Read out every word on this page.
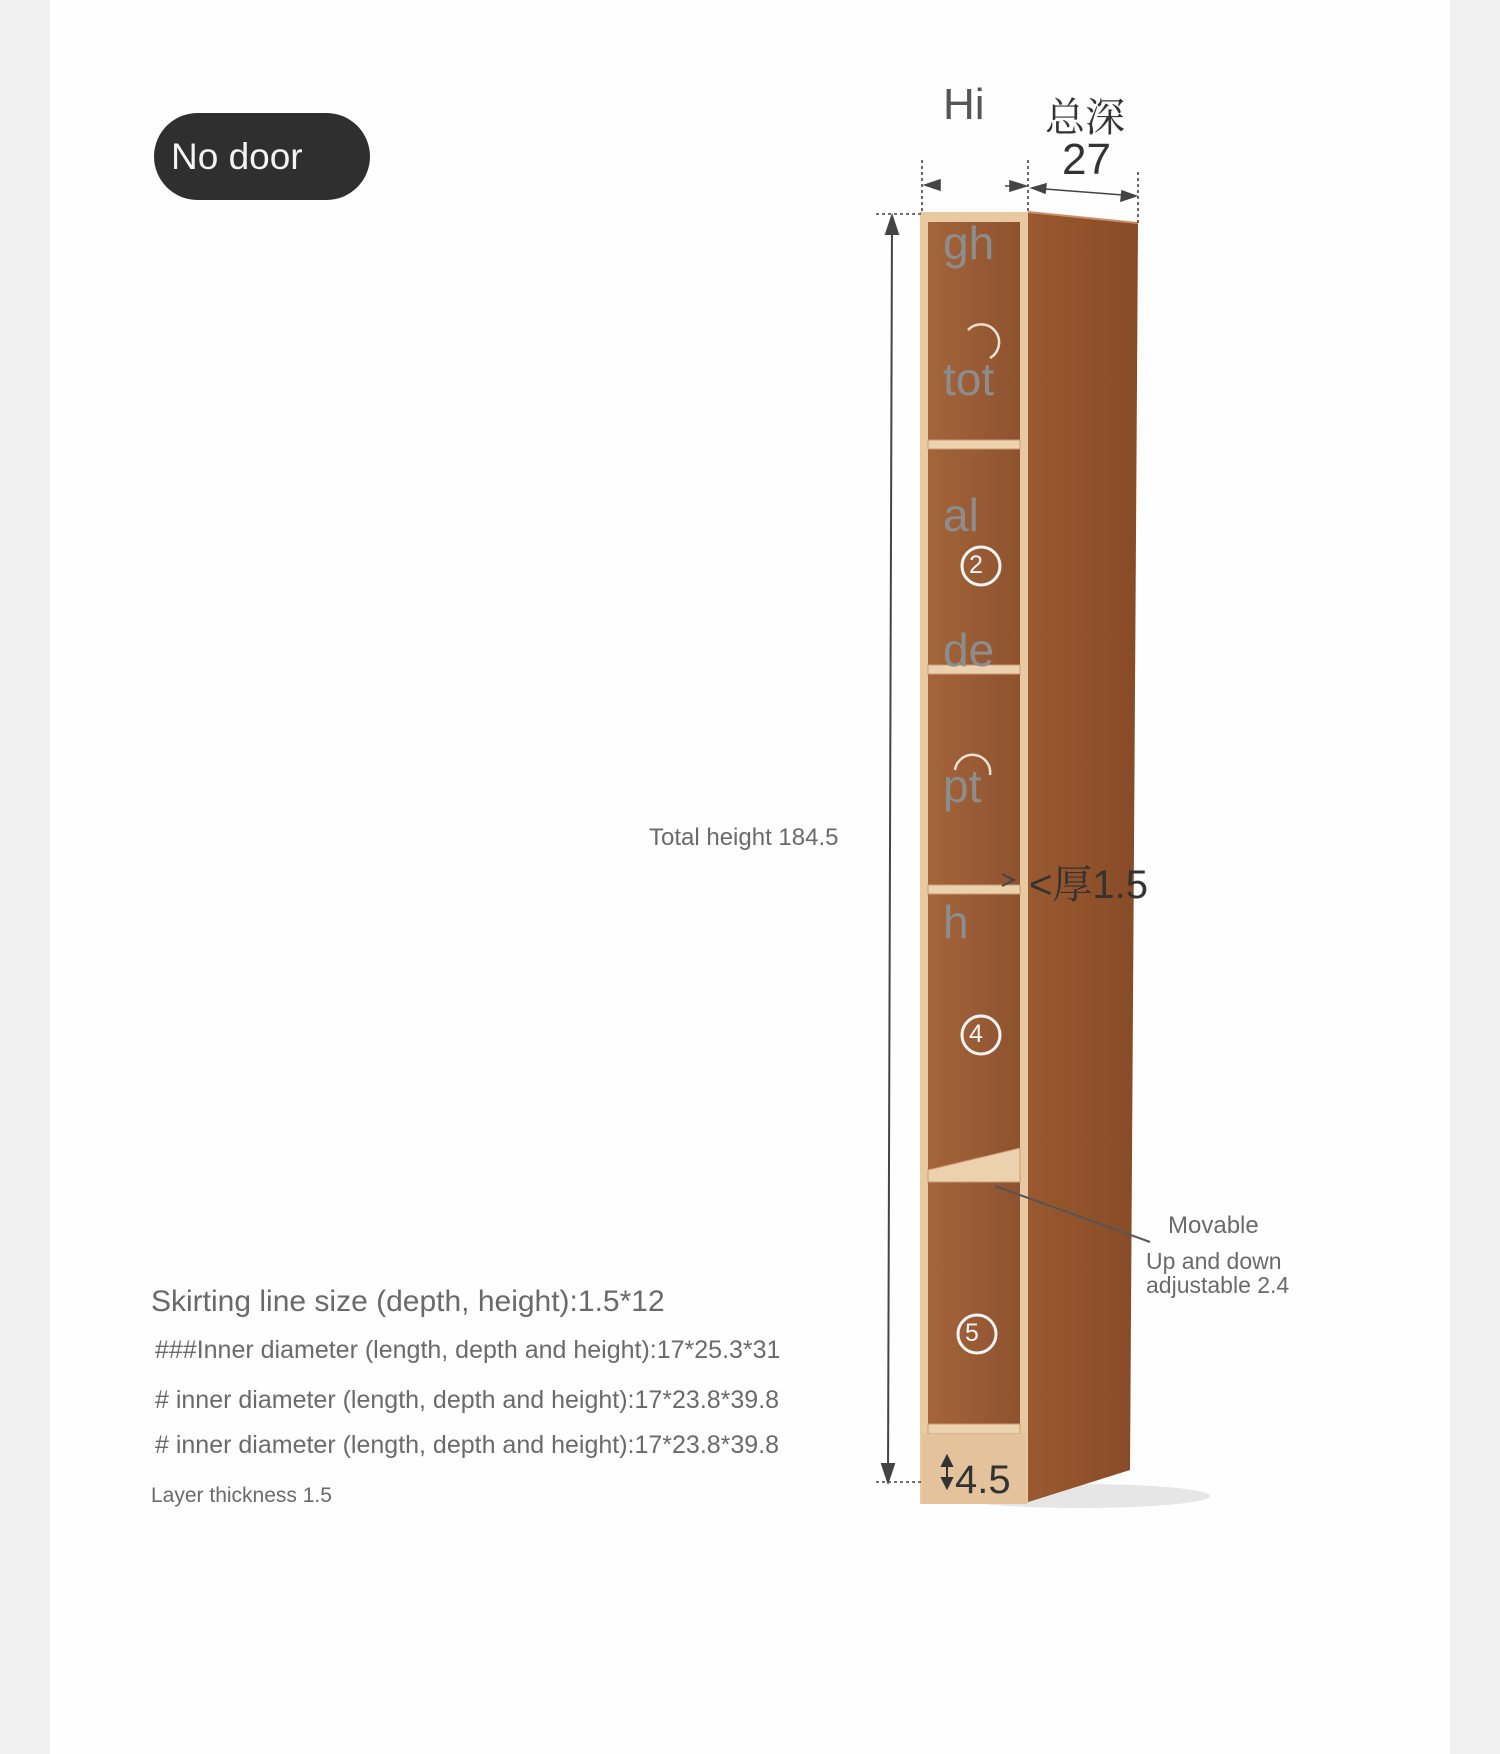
No door
2
4
5
Hi 总深
27
Total height 184.5
<厚1.5
4.5
gh
tot
al
de
pt
h
Movable
Up and down
adjustable 2.4
Skirting line size (depth, height):1.5*12
###Inner diameter (length, depth and height):17*25.3*31
# inner diameter (length, depth and height):17*23.8*39.8
# inner diameter (length, depth and height):17*23.8*39.8
Layer thickness 1.5
